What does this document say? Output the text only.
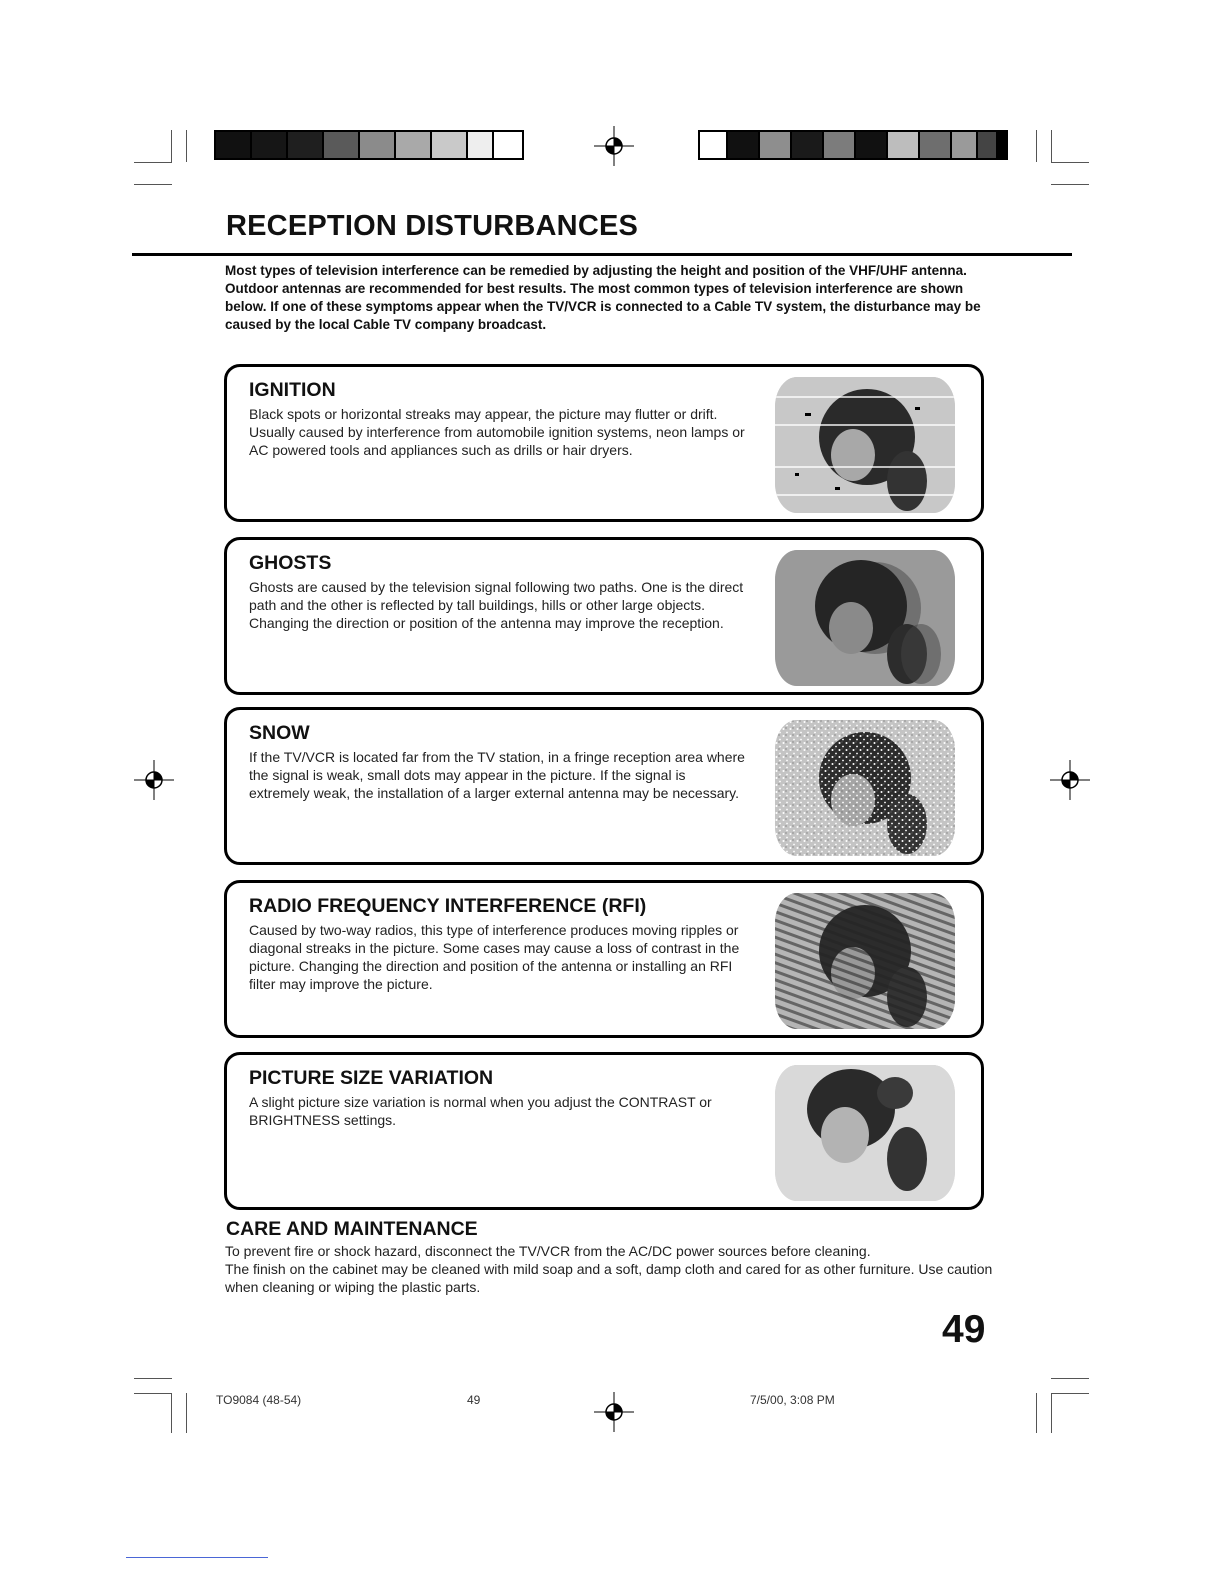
RECEPTION DISTURBANCES
Most types of television interference can be remedied by adjusting the height and position of the VHF/UHF antenna. Outdoor antennas are recommended for best results. The most common types of television interference are shown below. If one of these symptoms appear when the TV/VCR is connected to a Cable TV system, the disturbance may be caused by the local Cable TV company broadcast.
IGNITION
Black spots or horizontal streaks may appear, the picture may flutter or drift. Usually caused by interference from automobile ignition systems, neon lamps or AC powered tools and appliances such as drills or hair dryers.
GHOSTS
Ghosts are caused by the television signal following two paths. One is the direct path and the other is reflected by tall buildings, hills or other large objects. Changing the direction or position of the antenna may improve the reception.
SNOW
If the TV/VCR is located far from the TV station, in a fringe reception area where the signal is weak, small dots may appear in the picture. If the signal is extremely weak, the installation of a larger external antenna may be necessary.
RADIO FREQUENCY INTERFERENCE (RFI)
Caused by two-way radios, this type of interference produces moving ripples or diagonal streaks in the picture. Some cases may cause a loss of contrast in the picture. Changing the direction and position of the antenna or installing an RFI filter may improve the picture.
PICTURE SIZE VARIATION
A slight picture size variation is normal when you adjust the CONTRAST or BRIGHTNESS settings.
CARE AND MAINTENANCE
To prevent fire or shock hazard, disconnect the TV/VCR from the AC/DC power sources before cleaning.
The finish on the cabinet may be cleaned with mild soap and a soft, damp cloth and cared for as other furniture. Use caution when cleaning or wiping the plastic parts.
49
TO9084 (48-54)	49	7/5/00, 3:08 PM
